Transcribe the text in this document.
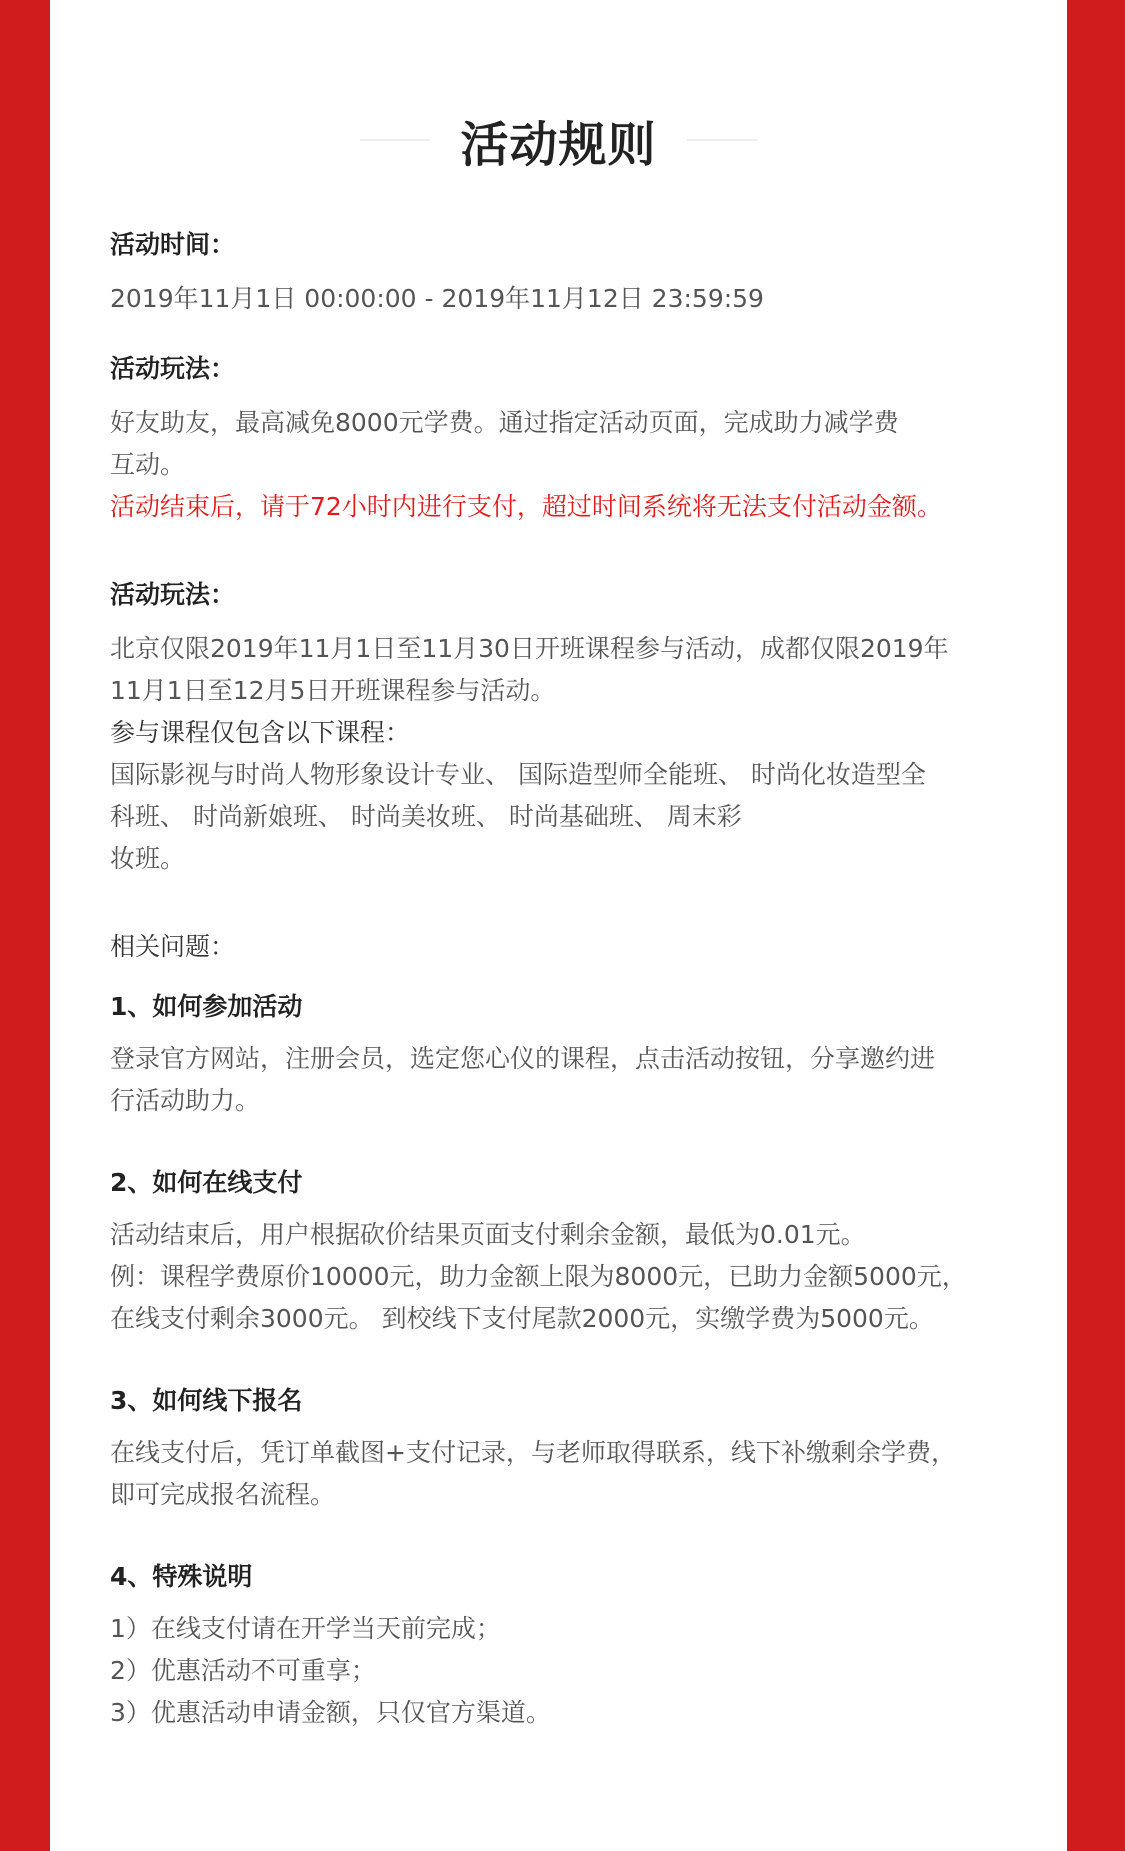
活动规则
活动时间：
2019年11月1日 00:00:00 - 2019年11月12日 23:59:59
活动玩法：
好友助友，最高减免8000元学费。通过指定活动页面，完成助力减学费
互动。
活动结束后，请于72小时内进行支付，超过时间系统将无法支付活动金额。
活动玩法：
北京仅限2019年11月1日至11月30日开班课程参与活动，成都仅限2019年
11月1日至12月5日开班课程参与活动。
参与课程仅包含以下课程：
国际影视与时尚人物形象设计专业、 国际造型师全能班、 时尚化妆造型全
科班、 时尚新娘班、 时尚美妆班、 时尚基础班、 周末彩
妆班。
相关问题：
1、如何参加活动
登录官方网站，注册会员，选定您心仪的课程，点击活动按钮，分享邀约进
行活动助力。
2、如何在线支付
活动结束后，用户根据砍价结果页面支付剩余金额，最低为0.01元。
例：课程学费原价10000元，助力金额上限为8000元，已助力金额5000元，
在线支付剩余3000元。 到校线下支付尾款2000元，实缴学费为5000元。
3、如何线下报名
在线支付后，凭订单截图+支付记录，与老师取得联系，线下补缴剩余学费，
即可完成报名流程。
4、特殊说明
1）在线支付请在开学当天前完成；
2）优惠活动不可重享；
3）优惠活动申请金额，只仅官方渠道。
